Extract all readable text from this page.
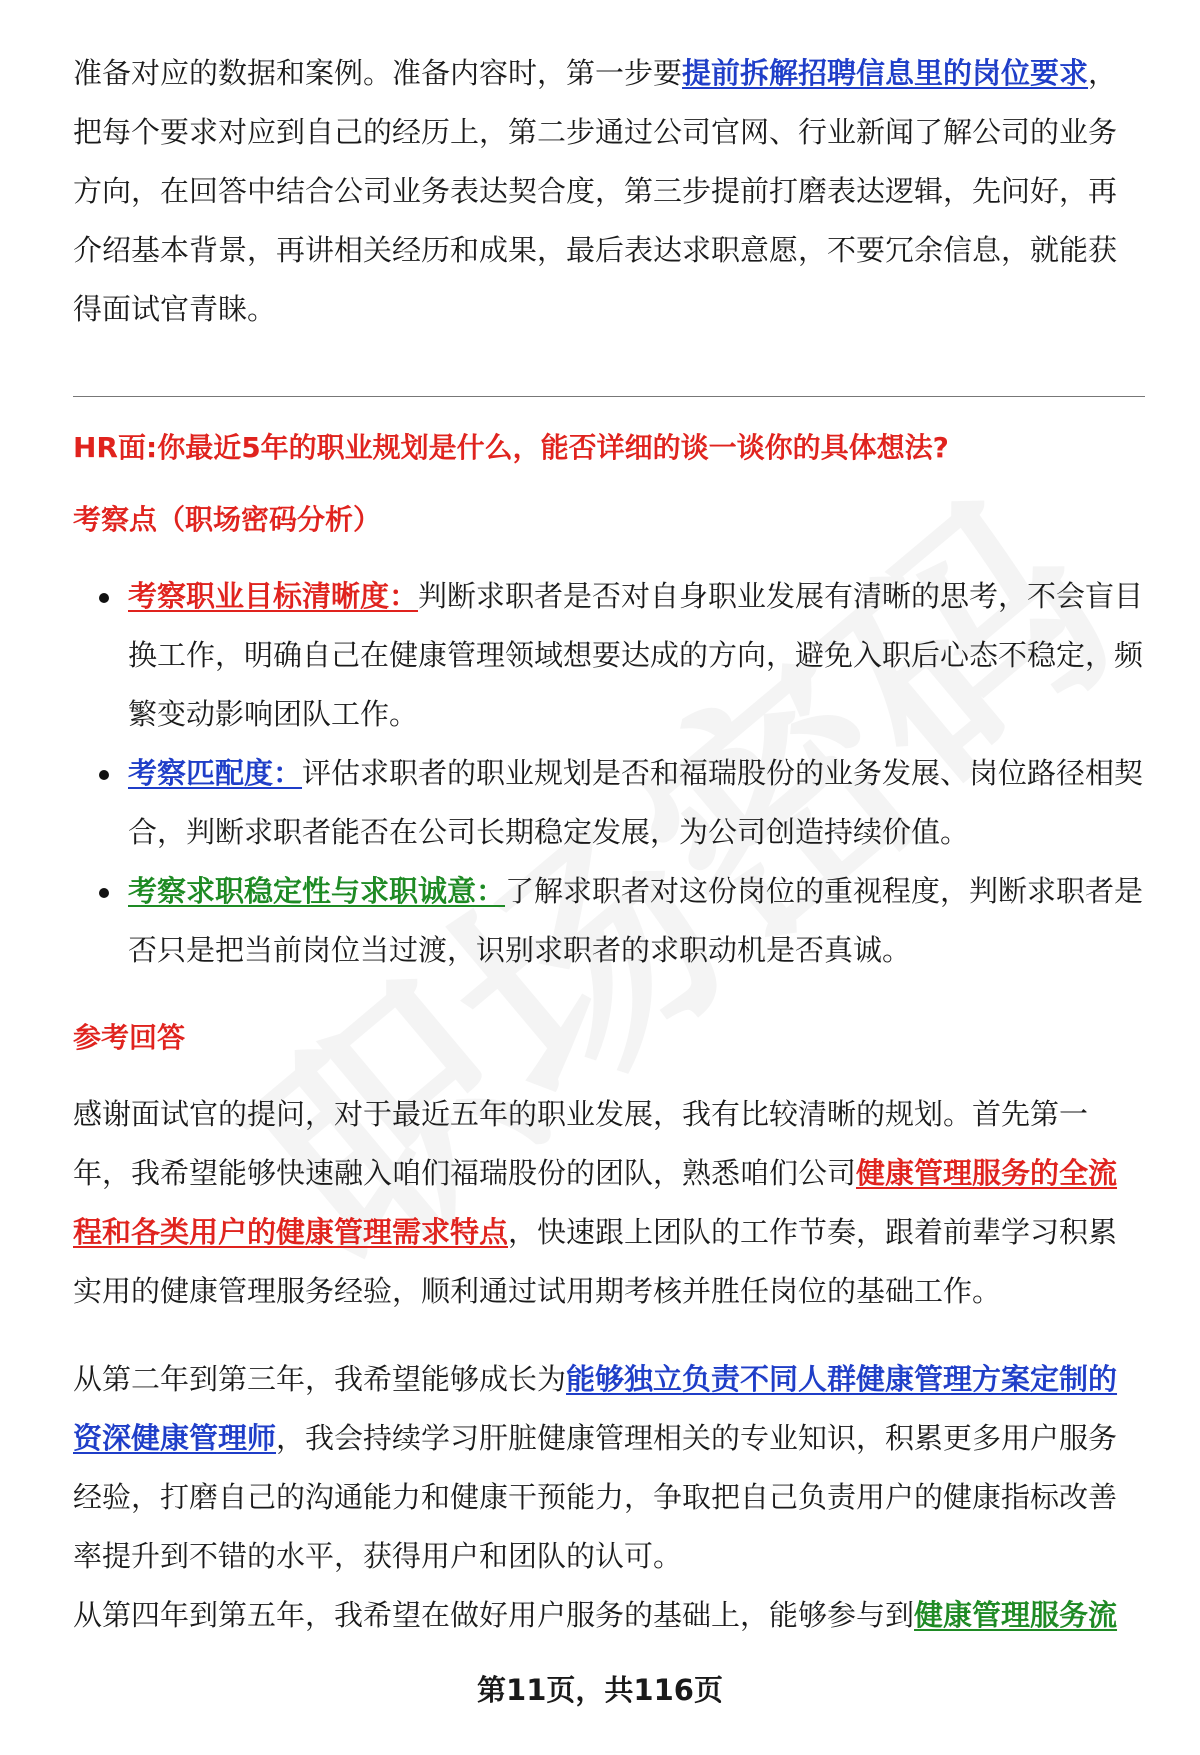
准备对应的数据和案例。准备内容时，第一步要提前拆解招聘信息里的岗位要求，把每个要求对应到自己的经历上，第二步通过公司官网、行业新闻了解公司的业务方向，在回答中结合公司业务表达契合度，第三步提前打磨表达逻辑，先问好，再介绍基本背景，再讲相关经历和成果，最后表达求职意愿，不要冗余信息，就能获得面试官青睐。

HR面:你最近5年的职业规划是什么，能否详细的谈一谈你的具体想法?

考察点（职场密码分析）

考察职业目标清晰度：判断求职者是否对自身职业发展有清晰的思考，不会盲目换工作，明确自己在健康管理领域想要达成的方向，避免入职后心态不稳定，频繁变动影响团队工作。
考察匹配度：评估求职者的职业规划是否和福瑞股份的业务发展、岗位路径相契合，判断求职者能否在公司长期稳定发展，为公司创造持续价值。
考察求职稳定性与求职诚意：了解求职者对这份岗位的重视程度，判断求职者是否只是把当前岗位当过渡，识别求职者的求职动机是否真诚。

参考回答

感谢面试官的提问，对于最近五年的职业发展，我有比较清晰的规划。首先第一年，我希望能够快速融入咱们福瑞股份的团队，熟悉咱们公司健康管理服务的全流程和各类用户的健康管理需求特点，快速跟上团队的工作节奏，跟着前辈学习积累实用的健康管理服务经验，顺利通过试用期考核并胜任岗位的基础工作。

从第二年到第三年，我希望能够成长为能够独立负责不同人群健康管理方案定制的资深健康管理师，我会持续学习肝脏健康管理相关的专业知识，积累更多用户服务经验，打磨自己的沟通能力和健康干预能力，争取把自己负责用户的健康指标改善率提升到不错的水平，获得用户和团队的认可。

从第四年到第五年，我希望在做好用户服务的基础上，能够参与到健康管理服务流

第11页，共116页
